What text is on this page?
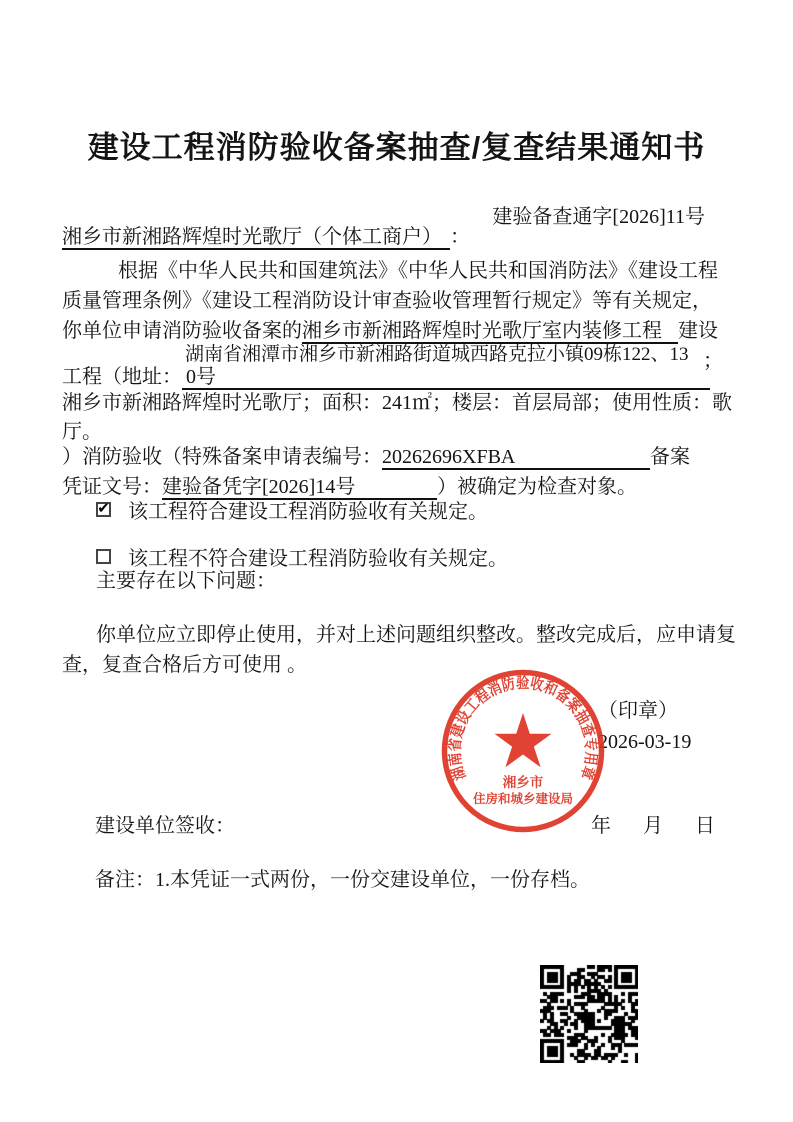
建设工程消防验收备案抽查/复查结果通知书
建验备查通字[2026]11号
湘乡市新湘路辉煌时光歌厅（个体工商户） ：
根据《中华人民共和国建筑法》《中华人民共和国消防法》《建设工程
质量管理条例》《建设工程消防设计审查验收管理暂行规定》等有关规定，
你单位申请消防验收备案的湘乡市新湘路辉煌时光歌厅室内装修工程 建设
湖南省湘潭市湘乡市新湘路街道城西路克拉小镇09栋122、13
工程（地址： 0号
；
湘乡市新湘路辉煌时光歌厅；面积：241㎡；楼层：首层局部；使用性质：歌
厅。
）消防验收（特殊备案申请表编号：20262696XFBA	备案
凭证文号：建验备凭字[2026]14号	）被确定为检查对象。
✔ 该工程符合建设工程消防验收有关规定。
该工程不符合建设工程消防验收有关规定。
主要存在以下问题：
你单位应立即停止使用，并对上述问题组织整改。整改完成后，应申请复
查，复查合格后方可使用 。
（印章）
2026-03-19
建设单位签收：	年　月　日
备注：1.本凭证一式两份，一份交建设单位，一份存档。
湖南省建设工程消防验收和备案抽查专用章
湘乡市
住房和城乡建设局
